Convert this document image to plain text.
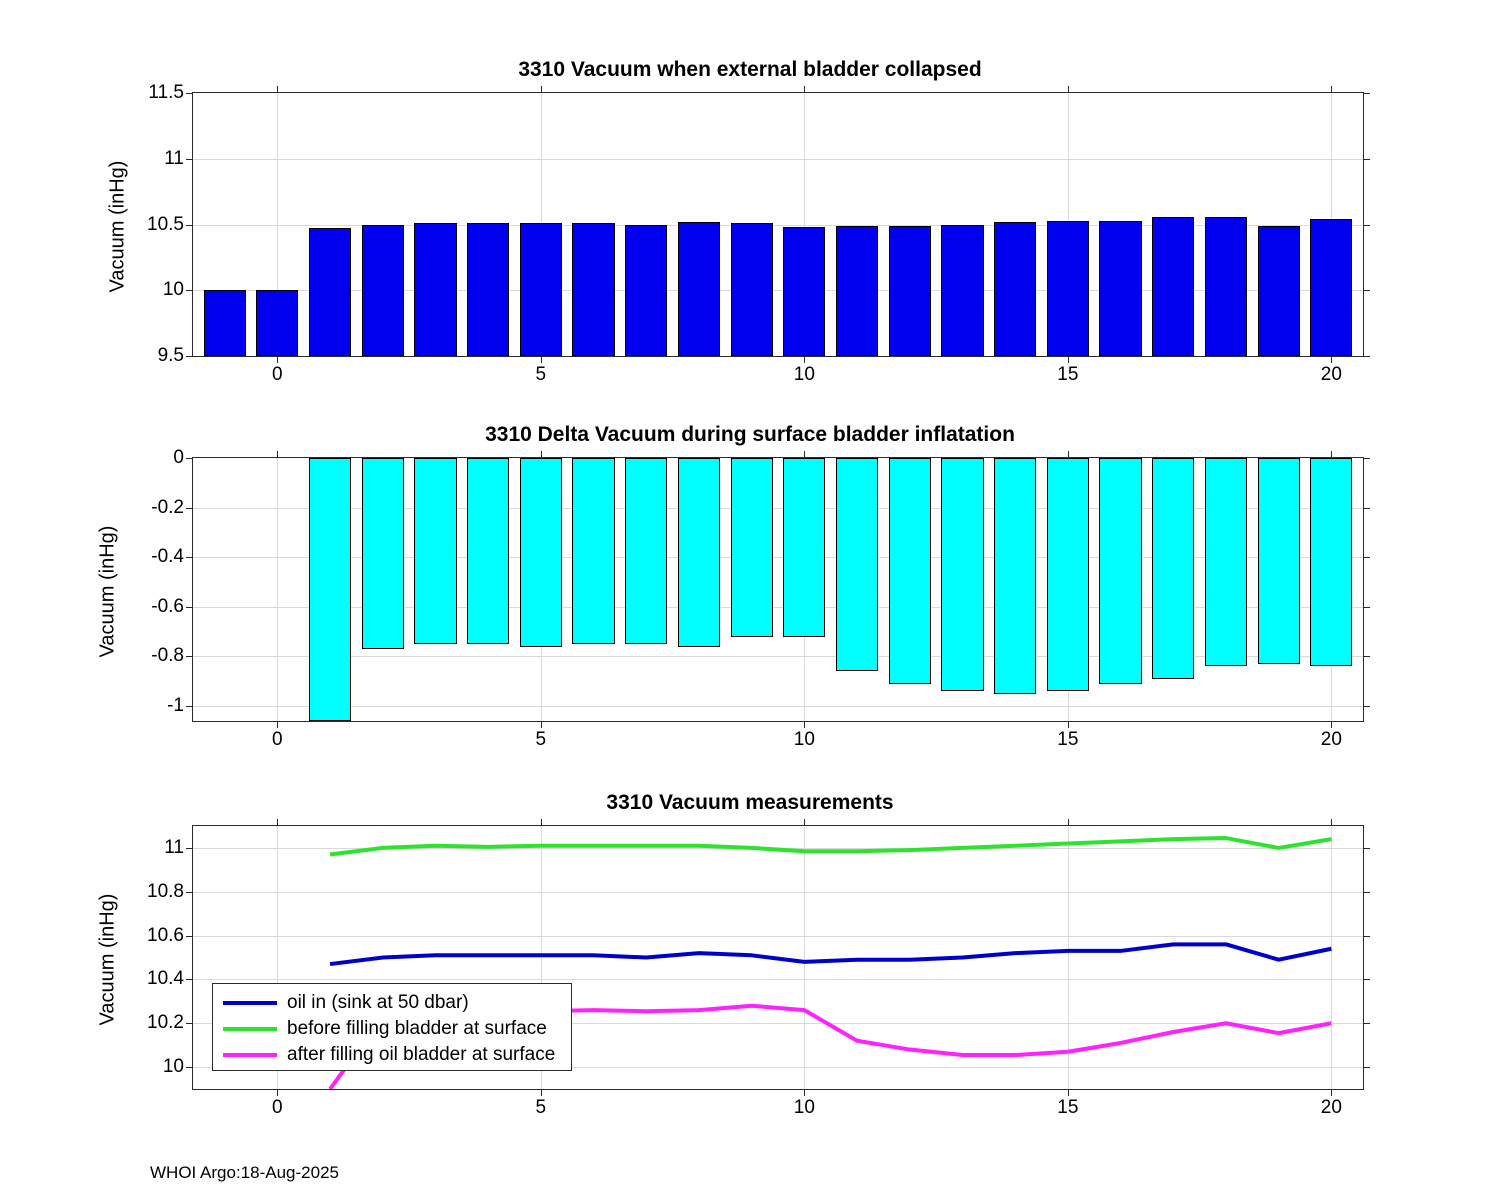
3310 Vacuum when external bladder collapsed
9.5
10
10.5
11
11.5
0	5	10	15	20
Vacuum (inHg)
3310 Delta Vacuum during surface bladder inflatation
-1
-0.8
-0.6
-0.4
-0.2
0
0	5	10	15	20
Vacuum (inHg)
3310 Vacuum measurements
10
10.2
10.4
10.6
10.8
11
0	5	10	15	20
Vacuum (inHg)	oil in (sink at 50 dbar)
before filling bladder at surface
after filling oil bladder at surface
WHOI Argo:18-Aug-2025
